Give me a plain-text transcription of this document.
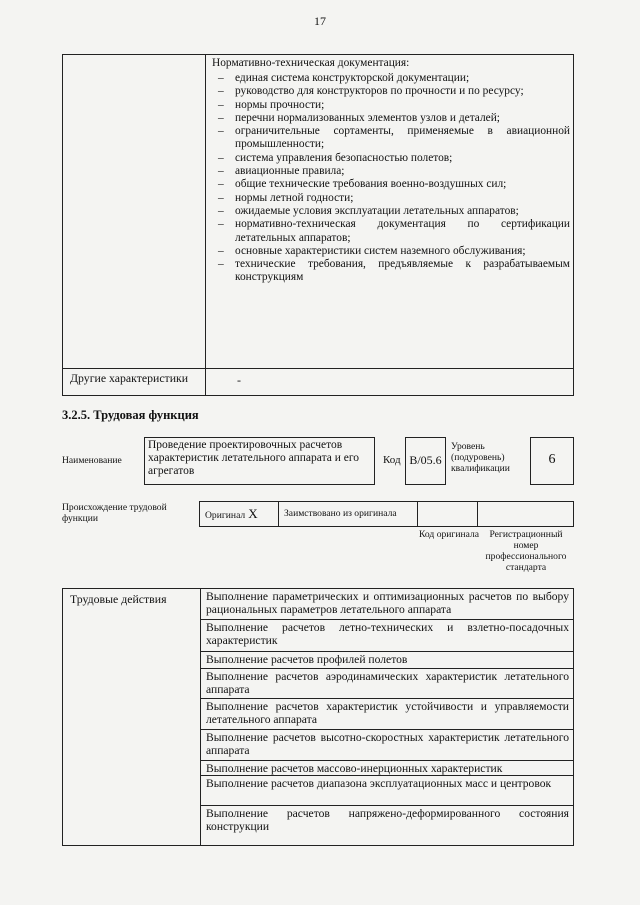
17
Нормативно-техническая документация:
– единая система конструкторской документации;
– руководство для конструкторов по прочности и по ресурсу;
– нормы прочности;
– перечни нормализованных элементов узлов и деталей;
– ограничительные сортаменты, применяемые в авиационной промышленности;
– система управления безопасностью полетов;
– авиационные правила;
– общие технические требования военно-воздушных сил;
– нормы летной годности;
– ожидаемые условия эксплуатации летательных аппаратов;
– нормативно-техническая документация по сертификации летательных аппаратов;
– основные характеристики систем наземного обслуживания;
– технические требования, предъявляемые к разрабатываемым конструкциям
Другие характеристики	-
3.2.5. Трудовая функция
Наименование
Проведение проектировочных расчетов характеристик летательного аппарата и его агрегатов
Код B/05.6
Уровень (подуровень) квалификации
6
Происхождение трудовой функции	Оригинал X	Заимствовано из оригинала
Код оригинала	Регистрационный номер профессионального стандарта
Трудовые действия	Выполнение параметрических и оптимизационных расчетов по выбору рациональных параметров летательного аппарата
Выполнение расчетов летно-технических и взлетно-посадочных характеристик
Выполнение расчетов профилей полетов
Выполнение расчетов аэродинамических характеристик летательного аппарата
Выполнение расчетов характеристик устойчивости и управляемости летательного аппарата
Выполнение расчетов высотно-скоростных характеристик летательного аппарата
Выполнение расчетов массово-инерционных характеристик
Выполнение расчетов диапазона эксплуатационных масс и центровок
Выполнение расчетов напряжено-деформированного состояния конструкции
